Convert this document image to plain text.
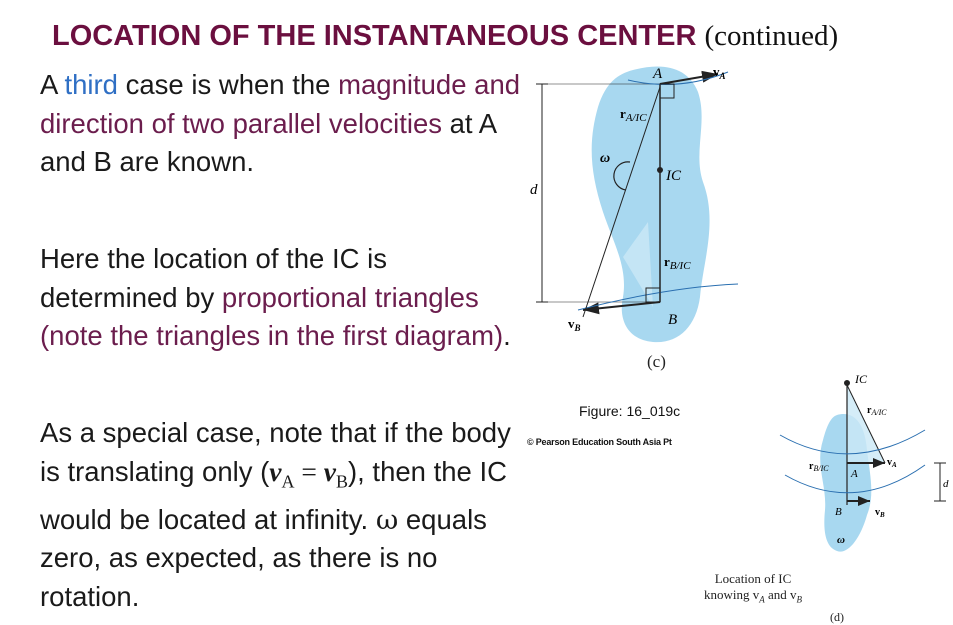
LOCATION OF THE INSTANTANEOUS CENTER (continued)
A third case is when the magnitude and direction of two parallel velocities at A and B are known.
Here the location of the IC is determined by proportional triangles (note the triangles in the first diagram).
As a special case, note that if the body is translating only $(v_A = v_B)$, then the IC would be located at infinity. ω equals zero, as expected, as there is no rotation.
d
A	$v_A$
$r_{A/IC}$
ω
IC
$r_{B/IC}$
$v_B$	B
(c)
Figure: 16_019c
© Pearson Education South Asia Pt
IC
$r_{A/IC}$
$r_{B/IC}$ A
$v_A$
B	$v_B$
d
ω
Location of IC
knowing $v_A$ and $v_B$
(d)
